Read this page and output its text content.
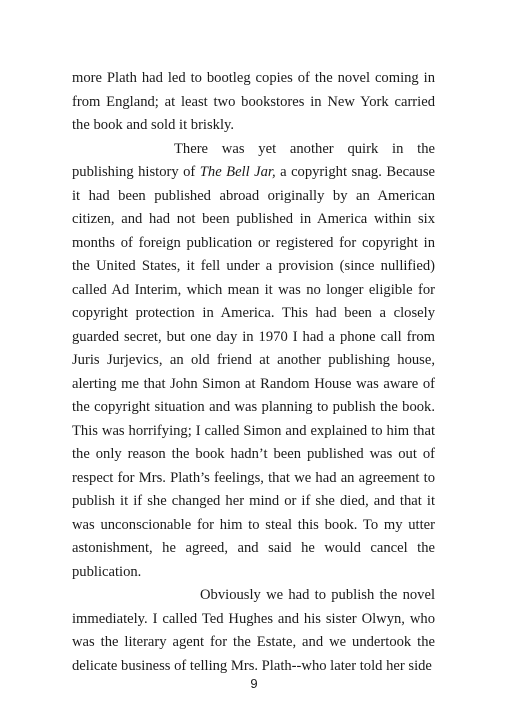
more Plath had led to bootleg copies of the novel coming in from England; at least two bookstores in New York carried the book and sold it briskly.

There was yet another quirk in the publishing history of The Bell Jar, a copyright snag. Because it had been published abroad originally by an American citizen, and had not been published in America within six months of foreign publication or registered for copyright in the United States, it fell under a provision (since nullified) called Ad Interim, which mean it was no longer eligible for copyright protection in America. This had been a closely guarded secret, but one day in 1970 I had a phone call from Juris Jurjevics, an old friend at another publishing house, alerting me that John Simon at Random House was aware of the copyright situation and was planning to publish the book. This was horrifying; I called Simon and explained to him that the only reason the book hadn’t been published was out of respect for Mrs. Plath’s feelings, that we had an agreement to publish it if she changed her mind or if she died, and that it was unconscionable for him to steal this book. To my utter astonishment, he agreed, and said he would cancel the publication.

Obviously we had to publish the novel immediately. I called Ted Hughes and his sister Olwyn, who was the literary agent for the Estate, and we undertook the delicate business of telling Mrs. Plath--who later told her side

9
